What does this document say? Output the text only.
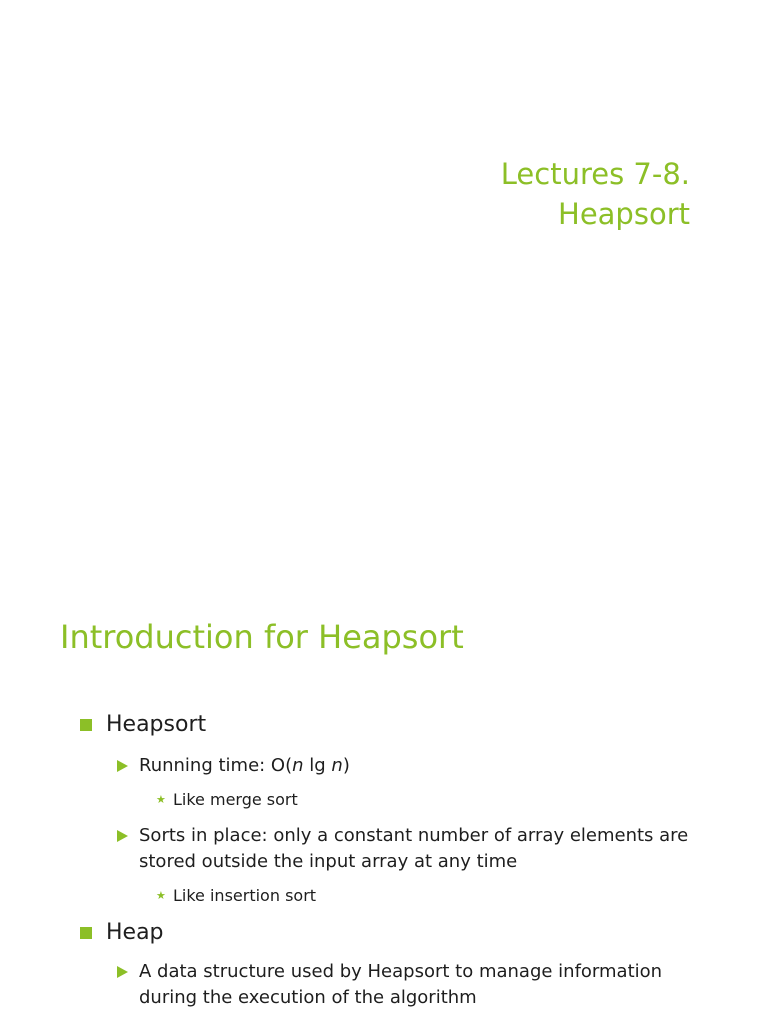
Lectures 7-8.
Heapsort
Introduction for Heapsort
Heapsort
Running time: O(n lg n)
★ Like merge sort
Sorts in place: only a constant number of array elements are stored outside the input array at any time
★ Like insertion sort
Heap
A data structure used by Heapsort to manage information during the execution of the algorithm
